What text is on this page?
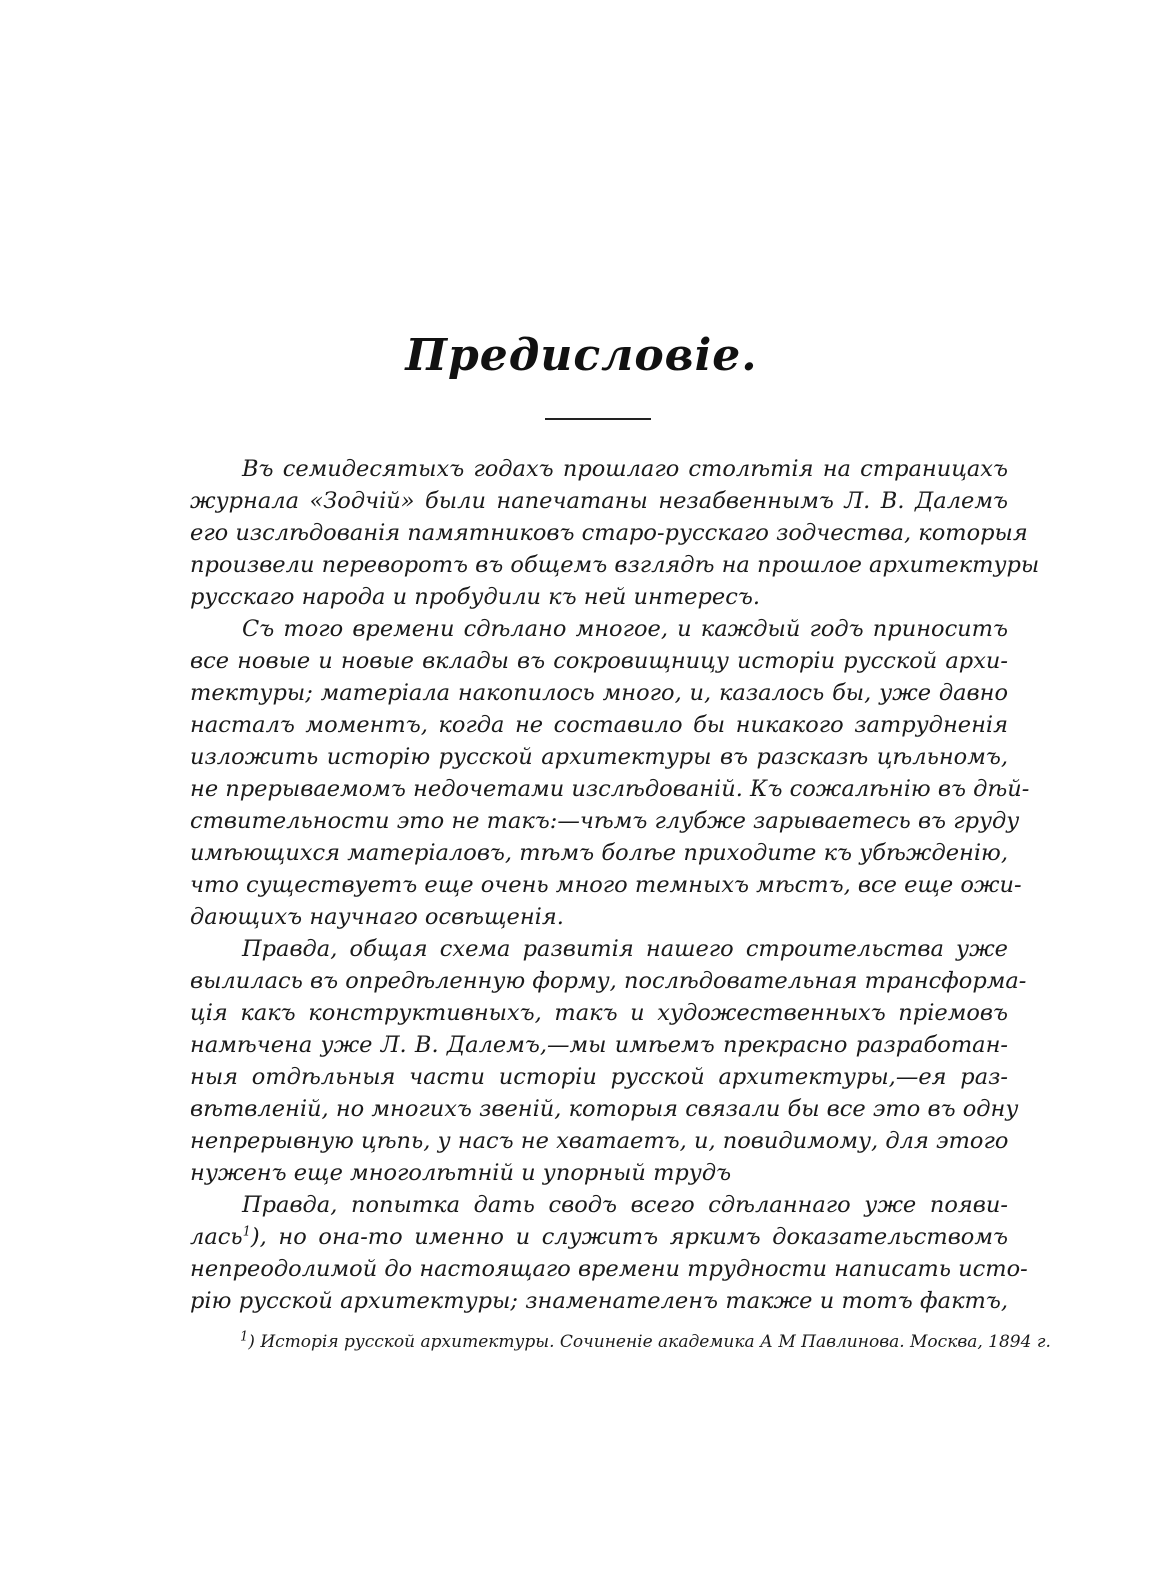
Предисловіе.
Въ семидесятыхъ годахъ прошлаго столѣтія на страницахъ
журнала «Зодчій» были напечатаны незабвеннымъ Л. В. Далемъ
его изслѣдованія памятниковъ старо-русскаго зодчества, которыя
произвели переворотъ въ общемъ взглядѣ на прошлое архитектуры
русскаго народа и пробудили къ ней интересъ.
Съ того времени сдѣлано многое, и каждый годъ приноситъ
все новые и новые вклады въ сокровищницу исторіи русской архи-
тектуры; матеріала накопилось много, и, казалось бы, уже давно
насталъ моментъ, когда не составило бы никакого затрудненія
изложить исторію русской архитектуры въ разсказѣ цѣльномъ,
не прерываемомъ недочетами изслѣдованій. Къ сожалѣнію въ дѣй-
ствительности это не такъ:—чѣмъ глубже зарываетесь въ груду
имѣющихся матеріаловъ, тѣмъ болѣе приходите къ убѣжденію,
что существуетъ еще очень много темныхъ мѣстъ, все еще ожи-
дающихъ научнаго освѣщенія.
Правда, общая схема развитія нашего строительства уже
вылилась въ опредѣленную форму, послѣдовательная трансформа-
ція какъ конструктивныхъ, такъ и художественныхъ пріемовъ
намѣчена уже Л. В. Далемъ,—мы имѣемъ прекрасно разработан-
ныя отдѣльныя части исторіи русской архитектуры,—ея раз-
вѣтвленій, но многихъ звеній, которыя связали бы все это въ одну
непрерывную цѣпь, у насъ не хватаетъ, и, повидимому, для этого
нуженъ еще многолѣтній и упорный трудъ
Правда, попытка дать сводъ всего сдѣланнаго уже появи-
лась$^1$), но она-то именно и служитъ яркимъ доказательствомъ
непреодолимой до настоящаго времени трудности написать исто-
рію русской архитектуры; знаменателенъ также и тотъ фактъ,
$^1$) Исторія русской архитектуры. Сочиненіе академика А М Павлинова. Москва, 1894 г.
